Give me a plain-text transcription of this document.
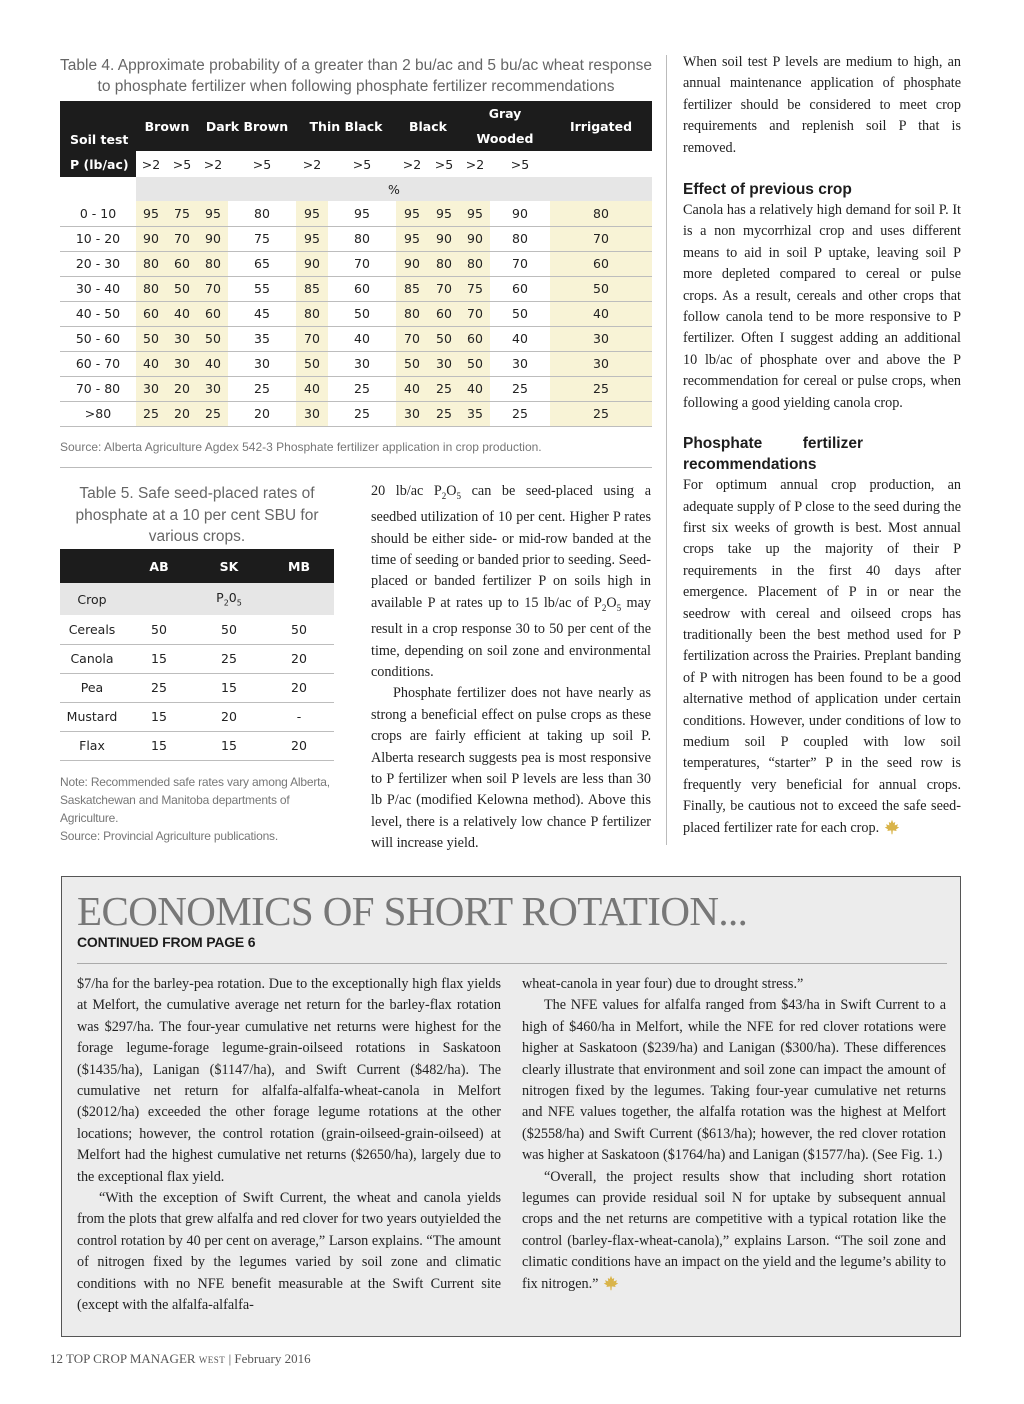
Table 4. Approximate probability of a greater than 2 bu/ac and 5 bu/ac wheat response to phosphate fertilizer when following phosphate fertilizer recommendations
Soil test	Brown		Dark Brown		Thin Black		Black		Gray Wooded		Irrigated
P (lb/ac)	>2	>5	>2	>5	>2	>5	>2	>5	>2	>5	
	%										
0 - 10	95	75	95	80	95	95	95	95	95	90	80
10 - 20	90	70	90	75	95	80	95	90	90	80	70
20 - 30	80	60	80	65	90	70	90	80	80	70	60
30 - 40	80	50	70	55	85	60	85	70	75	60	50
40 - 50	60	40	60	45	80	50	80	60	70	50	40
50 - 60	50	30	50	35	70	40	70	50	60	40	30
60 - 70	40	30	40	30	50	30	50	30	50	30	30
70 - 80	30	20	30	25	40	25	40	25	40	25	25
>80	25	20	25	20	30	25	30	25	35	25	25
Source: Alberta Agriculture Agdex 542-3 Phosphate fertilizer application in crop production.
Table 5. Safe seed-placed rates of phosphate at a 10 per cent SBU for various crops.
	AB	SK	MB
Crop		$P_20_5$	
Cereals	50	50	50
Canola	15	25	20
Pea	25	15	20
Mustard	15	20	-
Flax	15	15	20
Note: Recommended safe rates vary among Alberta, Saskatchewan and Manitoba departments of Agriculture.
Source: Provincial Agriculture publications.

20 lb/ac $P_2O_5$ can be seed-placed using a seedbed utilization of 10 per cent. Higher P rates should be either side- or mid-row banded at the time of seeding or banded prior to seeding. Seed-placed or banded fertilizer P on soils high in available P at rates up to 15 lb/ac of $P_2O_5$ may result in a crop response 30 to 50 per cent of the time, depending on soil zone and environmental conditions.

Phosphate fertilizer does not have nearly as strong a beneficial effect on pulse crops as these crops are fairly efficient at taking up soil P. Alberta research suggests pea is most responsive to P fertilizer when soil P levels are less than 30 lb P/ac (modified Kelowna method). Above this level, there is a relatively low chance P fertilizer will increase yield.

When soil test P levels are medium to high, an annual maintenance application of phosphate fertilizer should be considered to meet crop requirements and replenish soil P that is removed.

Effect of previous crop

Canola has a relatively high demand for soil P. It is a non mycorrhizal crop and uses different means to aid in soil P uptake, leaving soil P more depleted compared to cereal or pulse crops. As a result, cereals and other crops that follow canola tend to be more responsive to P fertilizer. Often I suggest adding an additional 10 lb/ac of phosphate over and above the P recommendation for cereal or pulse crops, when following a good yielding canola crop.

Phosphate fertilizer recommendations

For optimum annual crop production, an adequate supply of P close to the seed during the first six weeks of growth is best. Most annual crops take up the majority of their P requirements in the first 40 days after emergence. Placement of P in or near the seedrow with cereal and oilseed crops has traditionally been the best method used for P fertilization across the Prairies. Preplant banding of P with nitrogen has been found to be a good alternative method of application under certain conditions. However, under conditions of low to medium soil P coupled with low soil temperatures, “starter” P in the seed row is frequently very beneficial for annual crops. Finally, be cautious not to exceed the safe seed-placed fertilizer rate for each crop.

ECONOMICS OF SHORT ROTATION...
CONTINUED FROM PAGE 6

$7/ha for the barley-pea rotation. Due to the exceptionally high flax yields at Melfort, the cumulative average net return for the barley-flax rotation was $297/ha. The four-year cumulative net returns were highest for the forage legume-forage legume-grain-oilseed rotations in Saskatoon ($1435/ha), Lanigan ($1147/ha), and Swift Current ($482/ha). The cumulative net return for alfalfa-alfalfa-wheat-canola in Melfort ($2012/ha) exceeded the other forage legume rotations at the other locations; however, the control rotation (grain-oilseed-grain-oilseed) at Melfort had the highest cumulative net returns ($2650/ha), largely due to the exceptional flax yield.

“With the exception of Swift Current, the wheat and canola yields from the plots that grew alfalfa and red clover for two years outyielded the control rotation by 40 per cent on average,” Larson explains. “The amount of nitrogen fixed by the legumes varied by soil zone and climatic conditions with no NFE benefit measurable at the Swift Current site (except with the alfalfa-alfalfa-

wheat-canola in year four) due to drought stress.”

The NFE values for alfalfa ranged from $43/ha in Swift Current to a high of $460/ha in Melfort, while the NFE for red clover rotations were higher at Saskatoon ($239/ha) and Lanigan ($300/ha). These differences clearly illustrate that environment and soil zone can impact the amount of nitrogen fixed by the legumes. Taking four-year cumulative net returns and NFE values together, the alfalfa rotation was the highest at Melfort ($2558/ha) and Swift Current ($613/ha); however, the red clover rotation was higher at Saskatoon ($1764/ha) and Lanigan ($1577/ha). (See Fig. 1.)

“Overall, the project results show that including short rotation legumes can provide residual soil N for uptake by subsequent annual crops and the net returns are competitive with a typical rotation like the control (barley-flax-wheat-canola),” explains Larson. “The soil zone and climatic conditions have an impact on the yield and the legume’s ability to fix nitrogen.”

12 TOP CROP MANAGER WEST | February 2016
